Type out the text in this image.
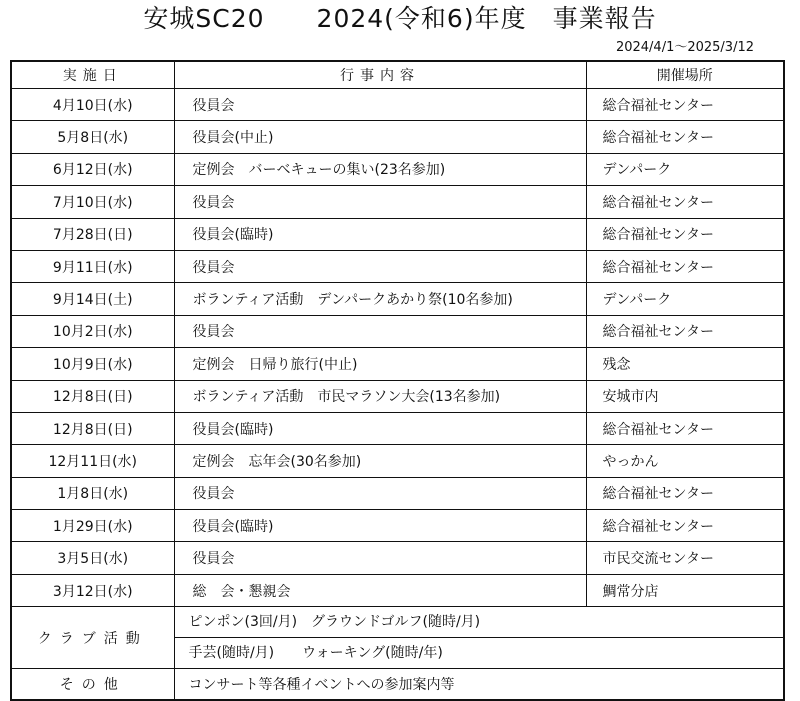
安城SC20　　2024(令和6)年度　事業報告
2024/4/1～2025/3/12
実施日	行事内容	開催場所
4月10日(水)	役員会	総合福祉センター
5月8日(水)	役員会(中止)	総合福祉センター
6月12日(水)	定例会　バーベキューの集い(23名参加)	デンパーク
7月10日(水)	役員会	総合福祉センター
7月28日(日)	役員会(臨時)	総合福祉センター
9月11日(水)	役員会	総合福祉センター
9月14日(土)	ボランティア活動　デンパークあかり祭(10名参加)	デンパーク
10月2日(水)	役員会	総合福祉センター
10月9日(水)	定例会　日帰り旅行(中止)	残念
12月8日(日)	ボランティア活動　市民マラソン大会(13名参加)	安城市内
12月8日(日)	役員会(臨時)	総合福祉センター
12月11日(水)	定例会　忘年会(30名参加)	やっかん
1月8日(水)	役員会	総合福祉センター
1月29日(水)	役員会(臨時)	総合福祉センター
3月5日(水)	役員会	市民交流センター
3月12日(水)	総　会・懇親会	鯛常分店
クラブ活動	ピンポン(3回/月)　グラウンドゴルフ(随時/月)
手芸(随時/月)　　ウォーキング(随時/年)	

その他	コンサート等各種イベントへの参加案内等	
